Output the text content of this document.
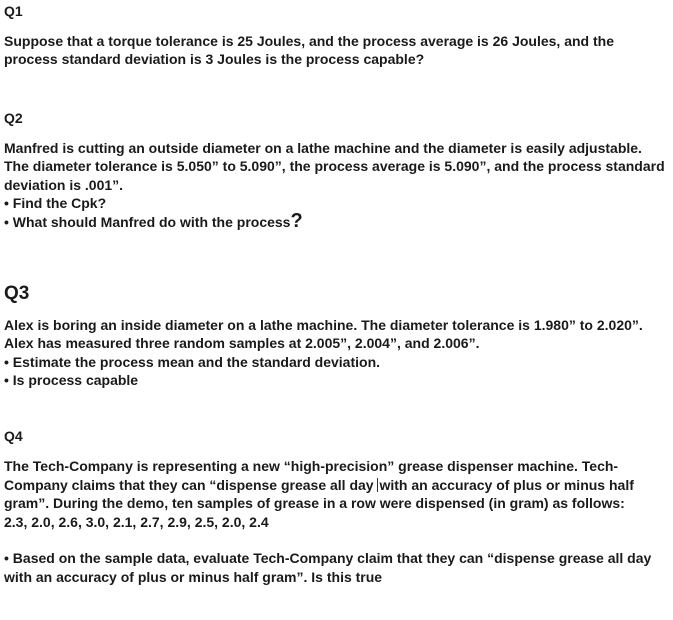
Q1

Suppose that a torque tolerance is 25 Joules, and the process average is 26 Joules, and the process standard deviation is 3 Joules is the process capable?

Q2

Manfred is cutting an outside diameter on a lathe machine and the diameter is easily adjustable. The diameter tolerance is 5.050” to 5.090”, the process average is 5.090”, and the process standard deviation is .001”.

• Find the Cpk?

• What should Manfred do with the process?

Q3

Alex is boring an inside diameter on a lathe machine. The diameter tolerance is 1.980” to 2.020”. Alex has measured three random samples at 2.005”, 2.004”, and 2.006”.

• Estimate the process mean and the standard deviation.

• Is process capable

Q4

The Tech-Company is representing a new “high-precision” grease dispenser machine. Tech-Company claims that they can “dispense grease all day with an accuracy of plus or minus half gram”. During the demo, ten samples of grease in a row were dispensed (in gram) as follows:

2.3, 2.0, 2.6, 3.0, 2.1, 2.7, 2.9, 2.5, 2.0, 2.4

• Based on the sample data, evaluate Tech-Company claim that they can “dispense grease all day with an accuracy of plus or minus half gram”. Is this true
